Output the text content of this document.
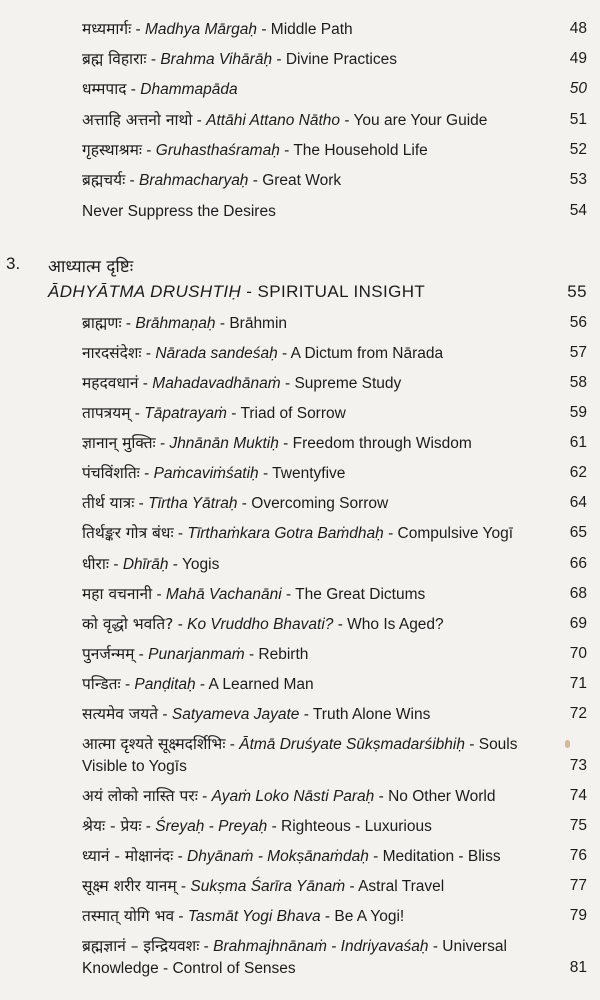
मध्यमार्गः - Madhya Mārgaḥ - Middle Path	48
ब्रह्म विहाराः - Brahma Vihārāḥ - Divine Practices	49
धम्मपाद - Dhammapāda	50
अत्ताहि अत्तनो नाथो - Attāhi Attano Nātho - You are Your Guide	51
गृहस्थाश्रमः - Gruhasthaśramaḥ - The Household Life	52
ब्रह्मचर्यः - Brahmacharyaḥ - Great Work	53
Never Suppress the Desires	54
3. आध्यात्म दृष्टिः
ĀDHYĀTMA DRUSHTIḤ - SPIRITUAL INSIGHT	55
ब्राह्मणः - Brāhmaṇaḥ - Brāhmin	56
नारदसंदेशः - Nārada sandeśaḥ - A Dictum from Nārada	57
महदवधानं - Mahadavadhānaṁ - Supreme Study	58
तापत्रयम् - Tāpatrayaṁ - Triad of Sorrow	59
ज्ञानान् मुक्तिः - Jhnānān Muktiḥ - Freedom through Wisdom	61
पंचविंशतिः - Paṁcaviṁśatiḥ - Twentyfive	62
तीर्थ यात्रः - Tīrtha Yātraḥ - Overcoming Sorrow	64
तिर्थङ्कर गोत्र बंधः - Tīrthaṁkara Gotra Baṁdhaḥ - Compulsive Yogī	65
धीराः - Dhīrāḥ - Yogis	66
महा वचनानी - Mahā Vachanāni - The Great Dictums	68
को वृद्धो भवति? - Ko Vruddho Bhavati? - Who Is Aged?	69
पुनर्जन्मम् - Punarjanmaṁ - Rebirth	70
पन्डितः - Panḍitaḥ - A Learned Man	71
सत्यमेव जयते - Satyameva Jayate - Truth Alone Wins	72
आत्मा दृश्यते सूक्ष्मदर्शिभिः - Ātmā Druśyate Sūkṣmadarśibhiḥ - Souls Visible to Yogīs	73
अयं लोको नास्ति परः - Ayaṁ Loko Nāsti Paraḥ - No Other World	74
श्रेयः - प्रेयः - Śreyaḥ - Preyaḥ - Righteous - Luxurious	75
ध्यानं - मोक्षानंदः - Dhyānaṁ - Mokṣānaṁdaḥ - Meditation - Bliss	76
सूक्ष्म शरीर यानम् - Sukṣma Śarīra Yānaṁ - Astral Travel	77
तस्मात् योगि भव - Tasmāt Yogi Bhava - Be A Yogi!	79
ब्रह्मज्ञानं – इन्द्रियवशः - Brahmajhnānaṁ - Indriyavaśaḥ - Universal Knowledge - Control of Senses	81
